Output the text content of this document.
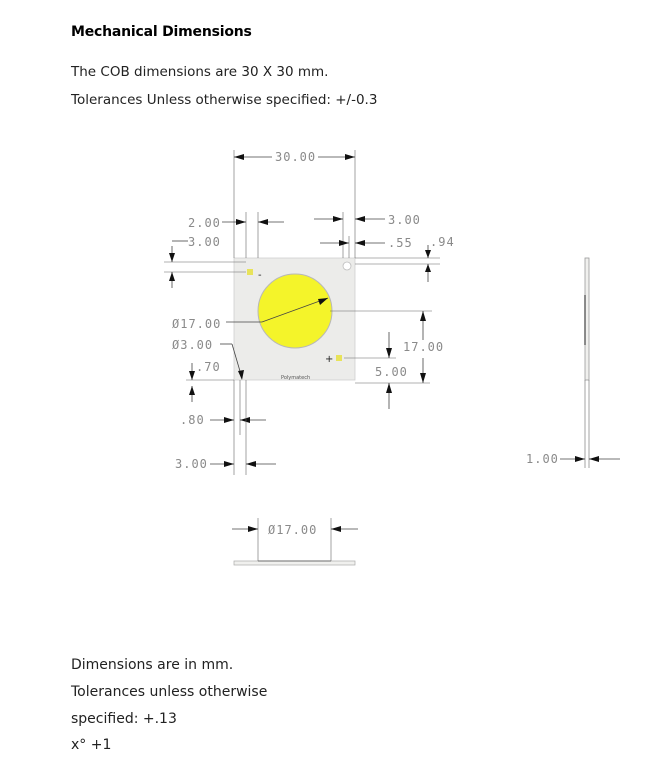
Mechanical Dimensions

The COB dimensions are 30 X 30 mm.

Tolerances Unless otherwise specified: +/-0.3

-
+
Polymatech
30.00
2.00
3.00
3.00
.55 .94
Ø17.00
Ø3.00
.70
.80
3.00
17.00
5.00
1.00
Ø17.00
Dimensions are in mm.
Tolerances unless otherwise
specified: +.13
x° +1
